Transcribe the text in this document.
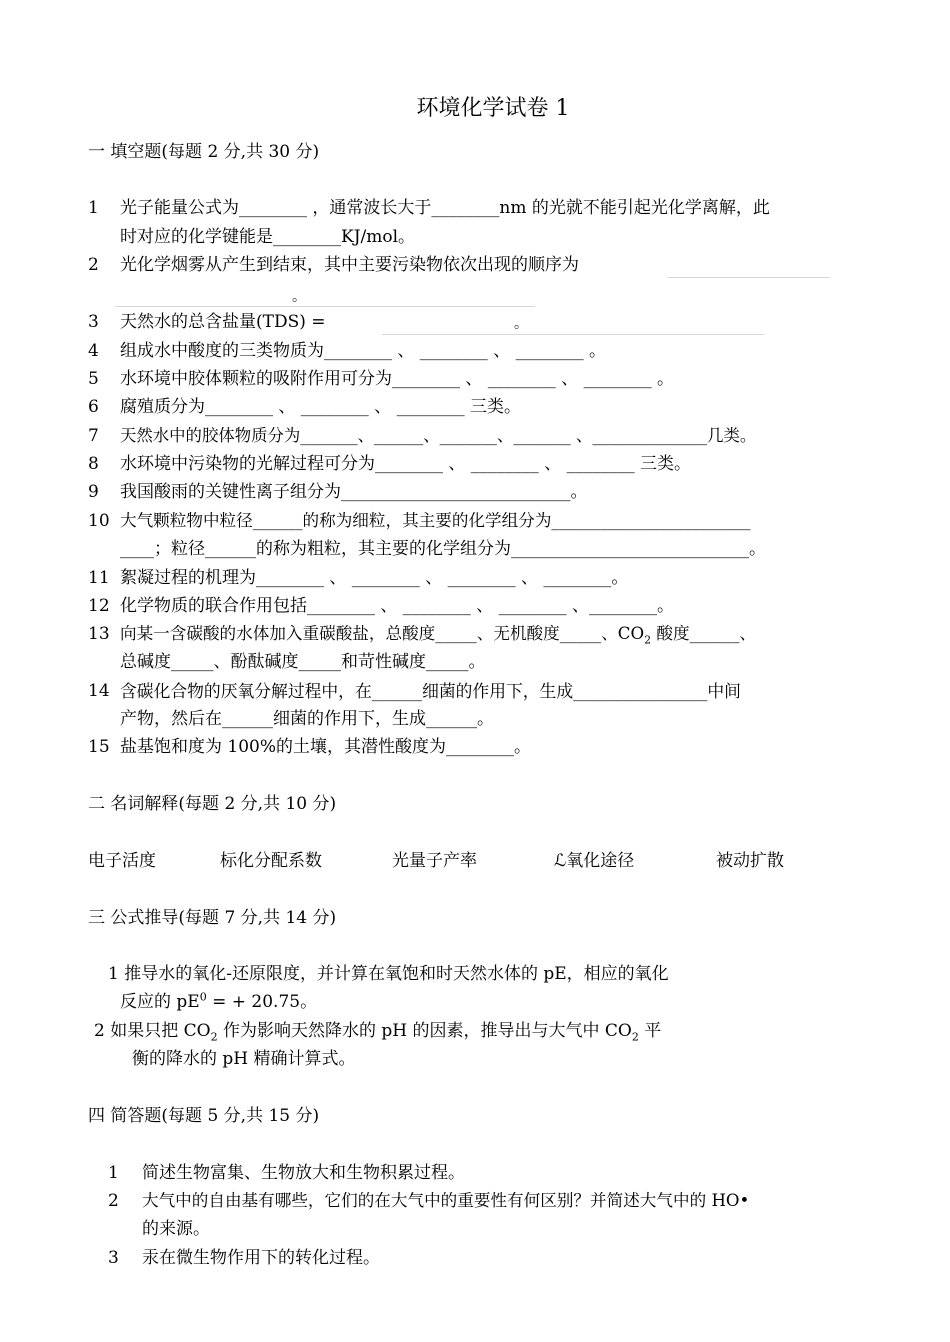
环境化学试卷 1
一 填空题(每题 2 分,共 30 分)
1 光子能量公式为________ ，通常波长大于________nm 的光就不能引起光化学离解，此
时对应的化学键能是________KJ/mol。
2 光化学烟雾从产生到结束，其中主要污染物依次出现的顺序为
。
3 天然水的总含盐量(TDS) =	。
4 组成水中酸度的三类物质为________ 、 ________ 、 ________ 。
5 水环境中胶体颗粒的吸附作用可分为________ 、 ________ 、 ________ 。
6 腐殖质分为________ 、 ________ 、 ________ 三类。
7 天然水中的胶体物质分为_______、______、_______、_______ 、______________几类。
8 水环境中污染物的光解过程可分为________ 、 ________ 、 ________ 三类。
9 我国酸雨的关键性离子组分为___________________________。
10 大气颗粒物中粒径______的称为细粒，其主要的化学组分为________________________
____；粒径______的称为粗粒，其主要的化学组分为____________________________。
11 絮凝过程的机理为________ 、 ________ 、 ________ 、 ________。
12 化学物质的联合作用包括________ 、 ________ 、 ________ 、________。
13 向某一含碳酸的水体加入重碳酸盐，总酸度_____、无机酸度_____、$CO_2$ 酸度______、
总碱度_____、酚酞碱度_____和苛性碱度_____。
14 含碳化合物的厌氧分解过程中，在______细菌的作用下，生成________________中间
产物，然后在______细菌的作用下，生成______。
15 盐基饱和度为 100%的土壤，其潜性酸度为________。
二 名词解释(每题 2 分,共 10 分)
电子活度	标化分配系数	光量子产率	ℒ氧化途径	被动扩散
三 公式推导(每题 7 分,共 14 分)
1 推导水的氧化-还原限度，并计算在氧饱和时天然水体的 pE，相应的氧化
反应的 $pE^0$ = + 20.75。
2 如果只把 $CO_2$ 作为影响天然降水的 pH 的因素，推导出与大气中 $CO_2$ 平
衡的降水的 pH 精确计算式。
四 简答题(每题 5 分,共 15 分)
1 简述生物富集、生物放大和生物积累过程。
2 大气中的自由基有哪些，它们的在大气中的重要性有何区别？并简述大气中的 HO•
的来源。
3 汞在微生物作用下的转化过程。
